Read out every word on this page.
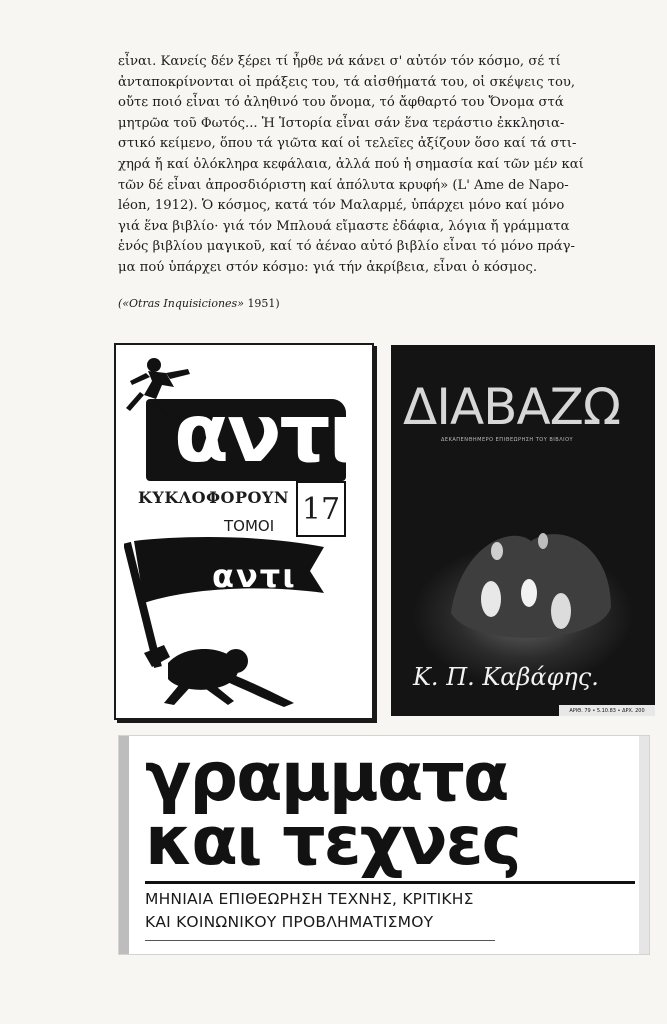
εἶναι. Κανείς δέν ξέρει τί ἦρθε νά κάνει σ' αὐτόν τόν κόσμο, σέ τί
ἀνταποκρίνονται οἱ πράξεις του, τά αἰσθήματά του, οἱ σκέψεις του,
οὔτε ποιό εἶναι τό ἀληθινό του ὄνομα, τό ἄφθαρτό του Ὄνομα στά
μητρῶα τοῦ Φωτός... Ἡ Ἱστορία εἶναι σάν ἕνα τεράστιο ἐκκλησια-
στικό κείμενο, ὅπου τά γιῶτα καί οἱ τελεῖες ἀξίζουν ὅσο καί τά στι-
χηρά ἤ καί ὁλόκληρα κεφάλαια, ἀλλά πού ἡ σημασία καί τῶν μέν καί
τῶν δέ εἶναι ἀπροσδιόριστη καί ἀπόλυτα κρυφή» (L' Ame de Napo-
léon, 1912). Ὁ κόσμος, κατά τόν Μαλαρμέ, ὑπάρχει μόνο καί μόνο
γιά ἕνα βιβλίο· γιά τόν Μπλουά εἴμαστε ἐδάφια, λόγια ἤ γράμματα
ἑνός βιβλίου μαγικοῦ, καί τό ἀέναο αὐτό βιβλίο εἶναι τό μόνο πράγ-
μα πού ὑπάρχει στόν κόσμο: γιά τήν ἀκρίβεια, εἶναι ὁ κόσμος.
(«Otras Inquisiciones» 1951)
αντι
ΚΥΚΛΟΦΟΡΟΥΝ
ΤΟΜΟΙ 17
αντι
ΔΙΑΒΑΖΩ
ΔΕΚΑΠΕΝΘΗΜΕΡΟ ΕΠΙΘΕΩΡΗΣΗ ΤΟΥ ΒΙΒΛΙΟΥ
Κ. Π. Καβάφης.
ΑΡΙΘ. 79 • 5.10.83 • ΔΡΧ. 200
γραμματα
και τεχνες
ΜΗΝΙΑΙΑ ΕΠΙΘΕΩΡΗΣΗ ΤΕΧΝΗΣ, ΚΡΙΤΙΚΗΣ
ΚΑΙ ΚΟΙΝΩΝΙΚΟΥ ΠΡΟΒΛΗΜΑΤΙΣΜΟΥ
